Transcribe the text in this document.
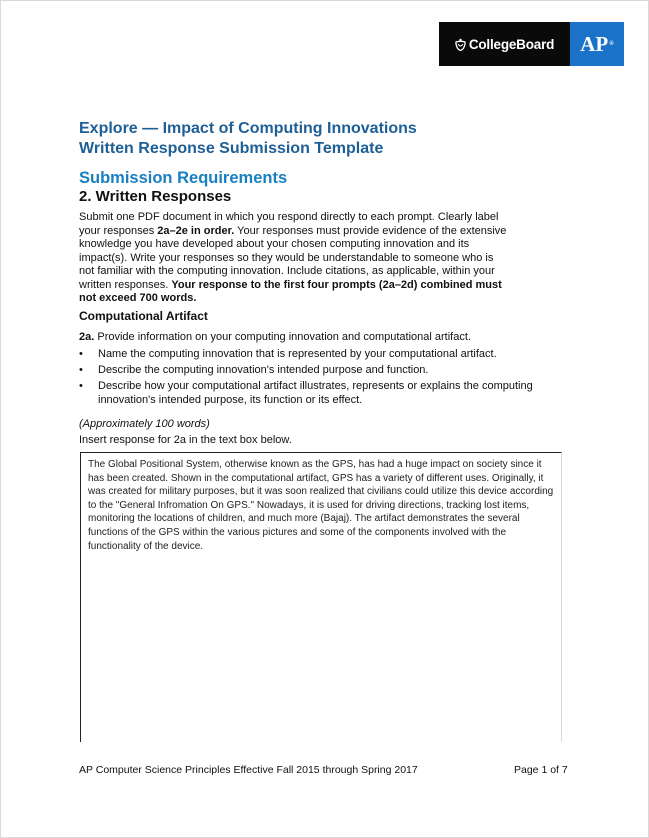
CollegeBoard AP ®
Explore — Impact of Computing Innovations
Written Response Submission Template
Submission Requirements
2. Written Responses
Submit one PDF document in which you respond directly to each prompt. Clearly label your responses 2a–2e in order. Your responses must provide evidence of the extensive knowledge you have developed about your chosen computing innovation and its impact(s). Write your responses so they would be understandable to someone who is not familiar with the computing innovation. Include citations, as applicable, within your written responses. Your response to the first four prompts (2a–2d) combined must not exceed 700 words.
Computational Artifact
2a. Provide information on your computing innovation and computational artifact.
• Name the computing innovation that is represented by your computational artifact.
• Describe the computing innovation's intended purpose and function.
• Describe how your computational artifact illustrates, represents or explains the computing innovation's intended purpose, its function or its effect.
(Approximately 100 words)
Insert response for 2a in the text box below.
The Global Positional System, otherwise known as the GPS, has had a huge impact on society since it has been created. Shown in the computational artifact, GPS has a variety of different uses. Originally, it was created for military purposes, but it was soon realized that civilians could utilize this device according to the "General Infromation On GPS." Nowadays, it is used for driving directions, tracking lost items, monitoring the locations of children, and much more (Bajaj). The artifact demonstrates the several functions of the GPS within the various pictures and some of the components involved with the functionality of the device.
AP Computer Science Principles Effective Fall 2015 through Spring 2017	Page 1 of 7
